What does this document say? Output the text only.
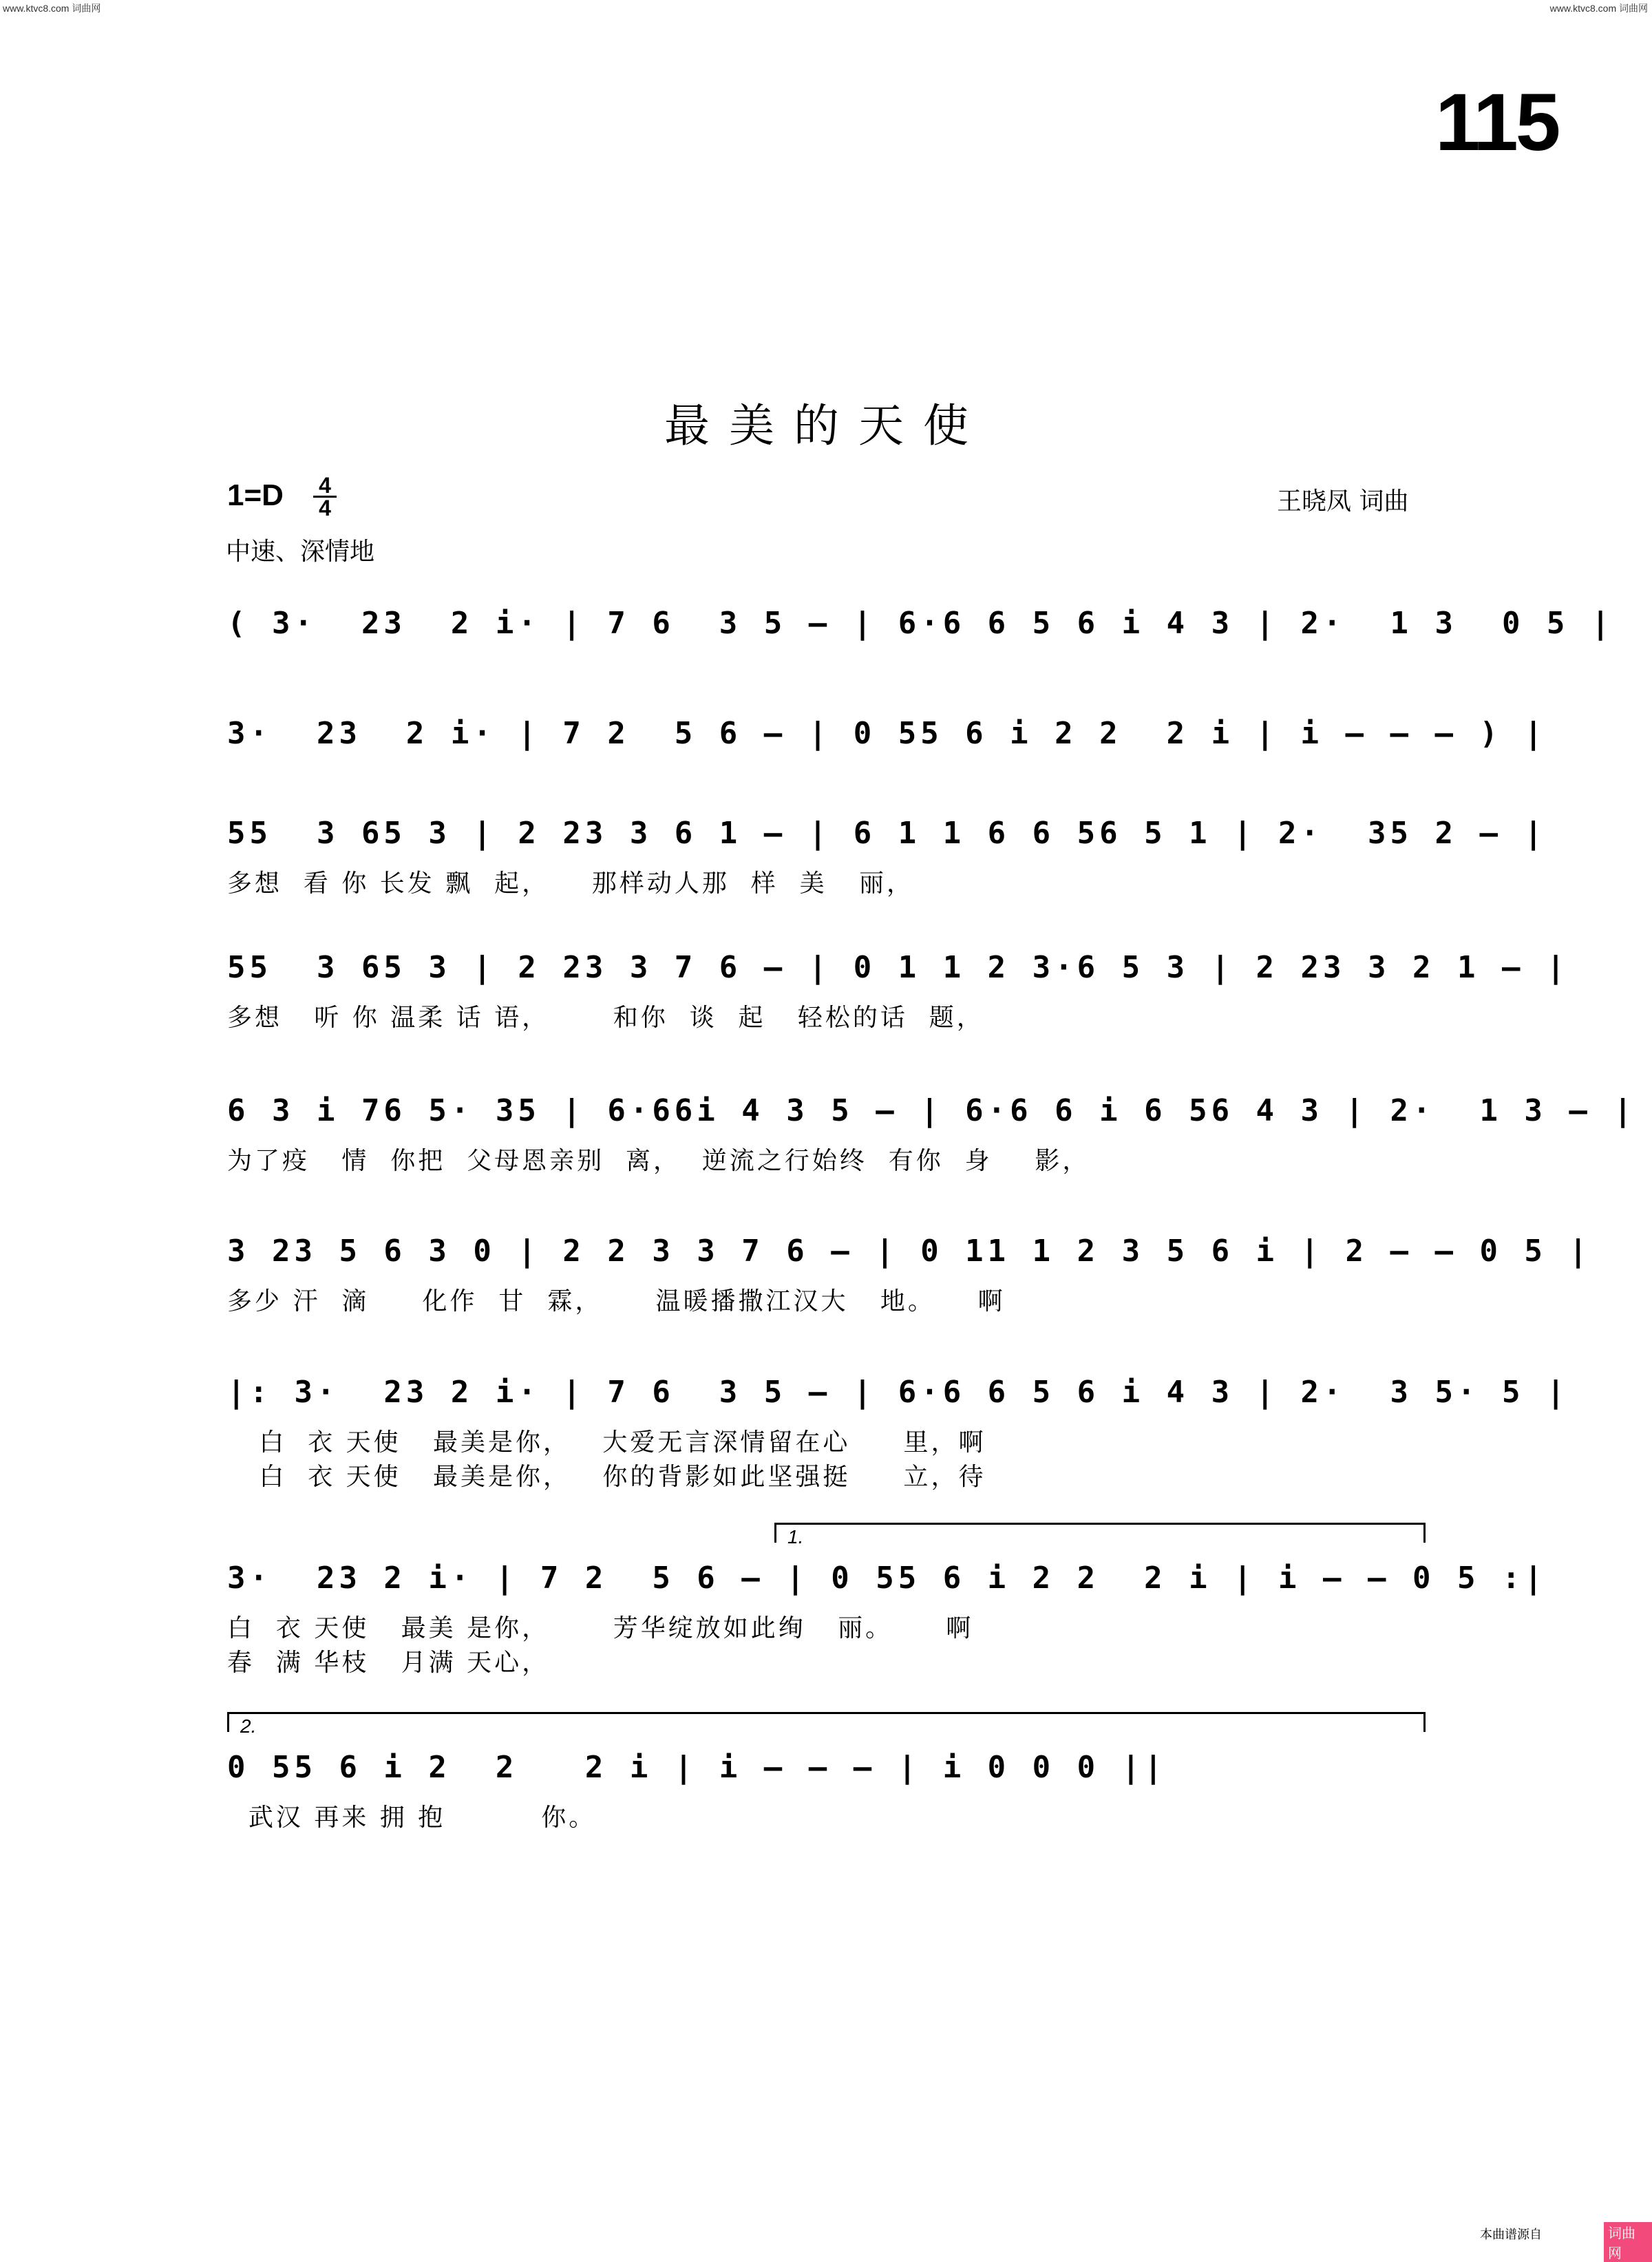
www.ktvc8.com 词曲网	www.ktvc8.com 词曲网
115
最美的天使
1=D 4
4
中速、深情地
王晓凤 词曲
( 3·  23  2 i· | 7 6  3 5 – | 6·6 6 5 6 i 4 3 | 2·  1 3  0 5 |
3·  23  2 i· | 7 2  5 6 – | 0 55 6 i 2 2  2 i | i – – – ) |
55  3 65 3 | 2 23 3 6 1 – | 6 1 1 6 6 56 5 1 | 2·  35 2 – |
多想  看 你 长发 飘  起，    那样动人那  样  美   丽，
55  3 65 3 | 2 23 3 7 6 – | 0 1 1 2 3·6 5 3 | 2 23 3 2 1 – |
多想   听 你 温柔 话 语，      和你  谈  起   轻松的话  题，
6 3 i 76 5· 35 | 6·66i 4 3 5 – | 6·6 6 i 6 56 4 3 | 2·  1 3 – |
为了疫   情  你把  父母恩亲别  离，  逆流之行始终  有你  身    影，
3 23 5 6 3 0 | 2 2 3 3 7 6 – | 0 11 1 2 3 5 6 i | 2 – – 0 5 |
多少 汗  滴     化作  甘  霖，     温暖播撒江汉大   地。    啊
|: 3·  23 2 i· | 7 6  3 5 – | 6·6 6 5 6 i 4 3 | 2·  3 5· 5 |
白  衣 天使   最美是你，   大爱无言深情留在心     里，啊
白  衣 天使   最美是你，   你的背影如此坚强挺     立，待
1.
3·  23 2 i· | 7 2  5 6 – | 0 55 6 i 2 2  2 i | i – – 0 5 :|
白  衣 天使   最美 是你，      芳华绽放如此绚   丽。     啊
春  满 华枝   月满 天心，
2.
0 55 6 i 2  2   2 i | i – – – | i 0 0 0 ||
武汉 再来 拥 抱         你。
本曲谱源自	词曲网
